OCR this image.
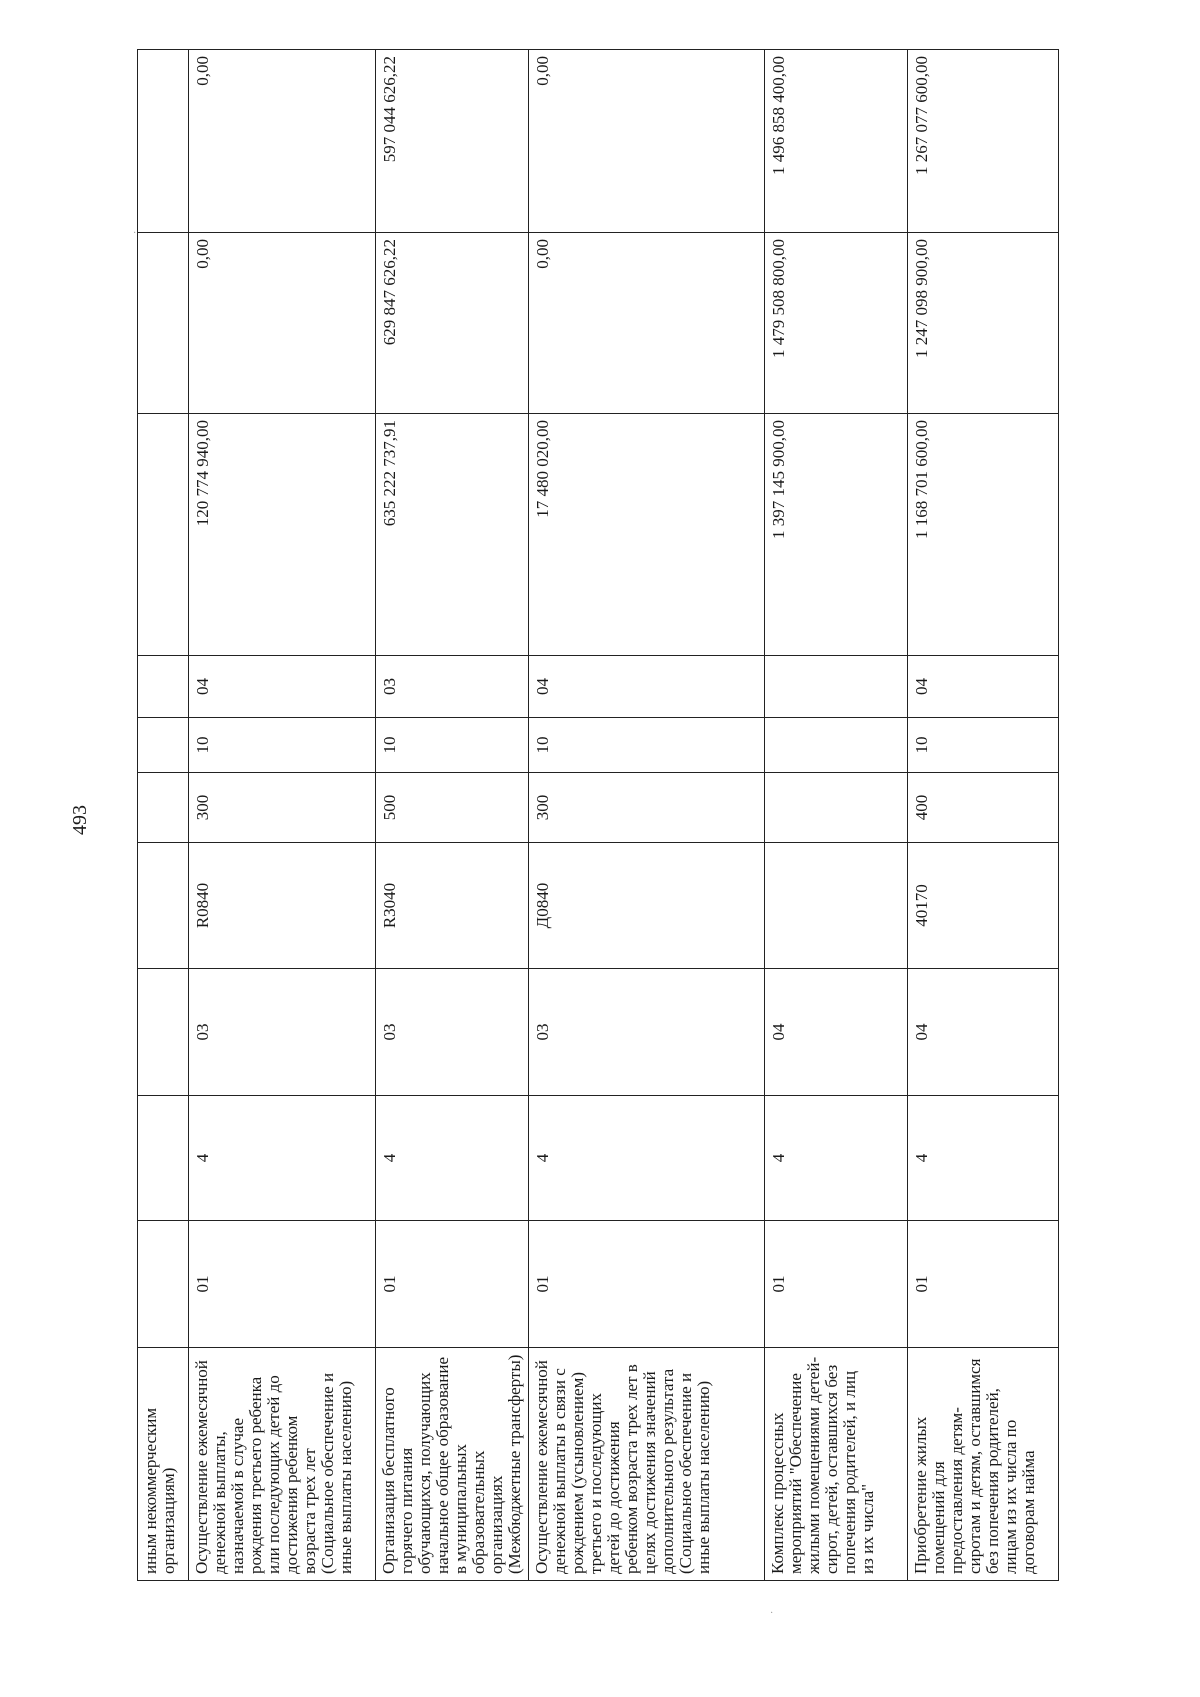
493
иным некоммерческим организациям)										
Осуществление ежемесячной денежной выплаты, назначаемой в случае рождения третьего ребенка или последующих детей до достижения ребенком возраста трех лет (Социальное обеспечение и иные выплаты населению)	01	4	03	R0840	300	10	04	120 774 940,00	0,00	0,00
Организация бесплатного горячего питания обучающихся, получающих начальное общее образование в муниципальных образовательных организациях (Межбюджетные трансферты)	01	4	03	R3040	500	10	03	635 222 737,91	629 847 626,22	597 044 626,22
Осуществление ежемесячной денежной выплаты в связи с рождением (усыновлением) третьего и последующих детей до достижения ребенком возраста трех лет в целях достижения значений дополнительного результата (Социальное обеспечение и иные выплаты населению)	01	4	03	Д0840	300	10	04	17 480 020,00	0,00	0,00
Комплекс процессных мероприятий "Обеспечение жилыми помещениями детей-сирот, детей, оставшихся без попечения родителей, и лиц из их числа"	01	4	04					1 397 145 900,00	1 479 508 800,00	1 496 858 400,00
Приобретение жилых помещений для предоставления детям-сиротам и детям, оставшимся без попечения родителей, лицам из их числа по договорам найма	01	4	04	40170	400	10	04	1 168 701 600,00	1 247 098 900,00	1 267 077 600,00
·
·
